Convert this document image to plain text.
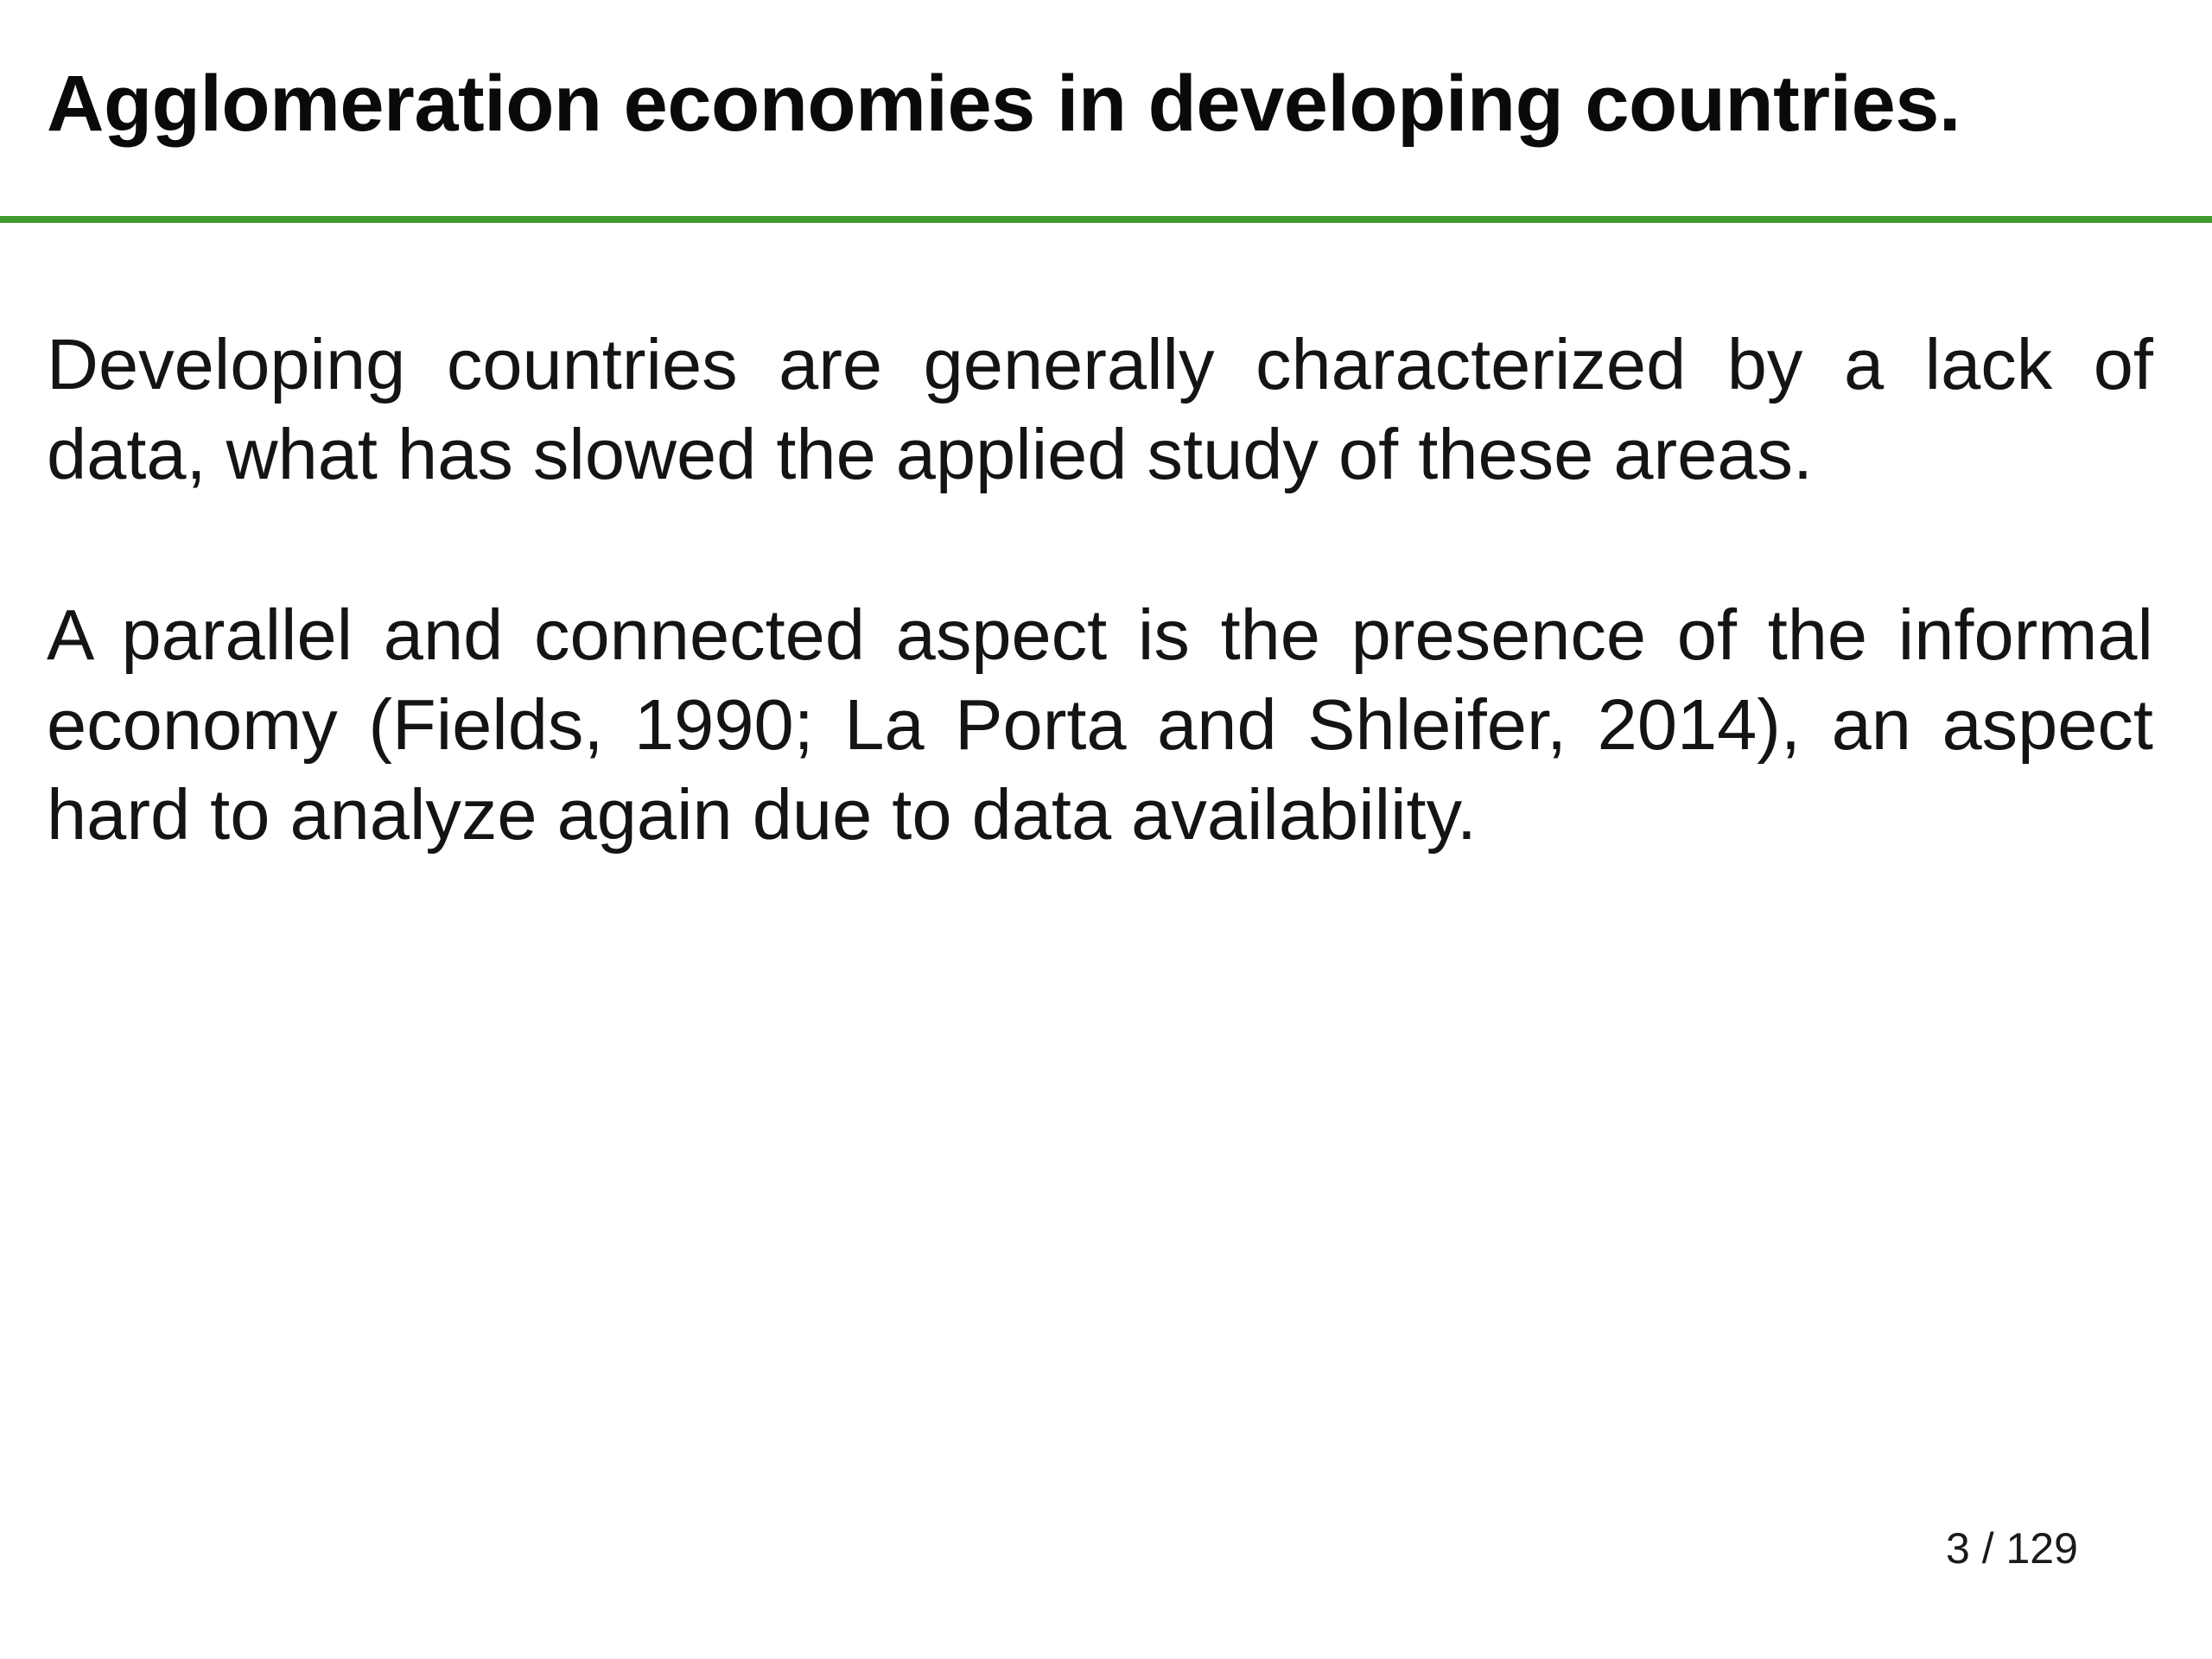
Agglomeration economies in developing countries.

Developing countries are generally characterized by a lack of data, what has slowed the applied study of these areas.

A parallel and connected aspect is the presence of the informal economy (Fields, 1990; La Porta and Shleifer, 2014), an aspect hard to analyze again due to data availability.

3 / 129
